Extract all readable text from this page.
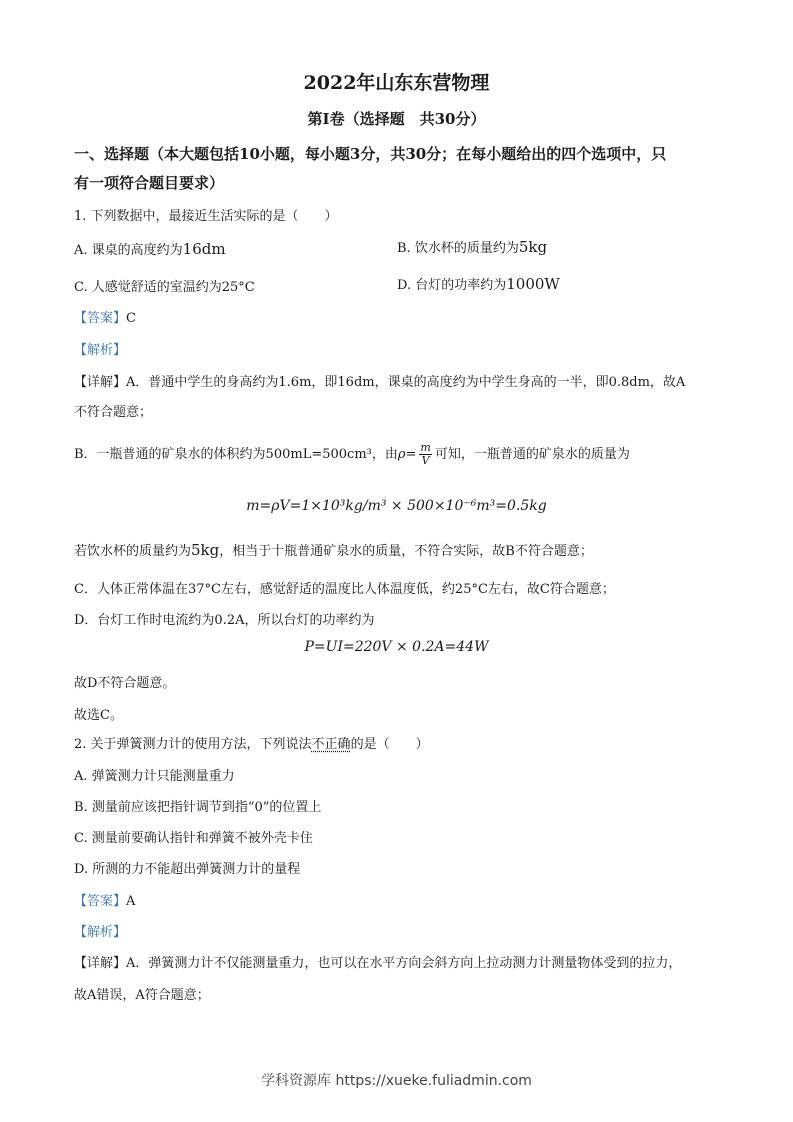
2022年山东东营物理
第Ⅰ卷（选择题　共30分）
一、选择题（本大题包括10小题，每小题3分，共30分；在每小题给出的四个选项中，只
有一项符合题目要求）
1. 下列数据中，最接近生活实际的是（　　）
A. 课桌的高度约为16dm	B. 饮水杯的质量约为5kg
C. 人感觉舒适的室温约为25°C	D. 台灯的功率约为1000W
【答案】C
【解析】
【详解】A．普通中学生的身高约为1.6m，即16dm，课桌的高度约为中学生身高的一半，即0.8dm，故A
不符合题意；
B．一瓶普通的矿泉水的体积约为500mL=500cm³，由$\rho= \frac{m}{V}$ 可知，一瓶普通的矿泉水的质量为
m=ρV=1×10³kg/m³ × 500×10⁻⁶m³=0.5kg
若饮水杯的质量约为5kg，相当于十瓶普通矿泉水的质量，不符合实际，故B不符合题意；
C．人体正常体温在37°C左右，感觉舒适的温度比人体温度低，约25°C左右，故C符合题意；
D．台灯工作时电流约为0.2A，所以台灯的功率约为
P=UI=220V × 0.2A=44W
故D不符合题意。
故选C。
2. 关于弹簧测力计的使用方法，下列说法不正确的是（　　）
A. 弹簧测力计只能测量重力
B. 测量前应该把指针调节到指“0”的位置上
C. 测量前要确认指针和弹簧不被外壳卡住
D. 所测的力不能超出弹簧测力计的量程
【答案】A
【解析】
【详解】A．弹簧测力计不仅能测量重力，也可以在水平方向会斜方向上拉动测力计测量物体受到的拉力，
故A错误，A符合题意；
学科资源库 https://xueke.fuliadmin.com
